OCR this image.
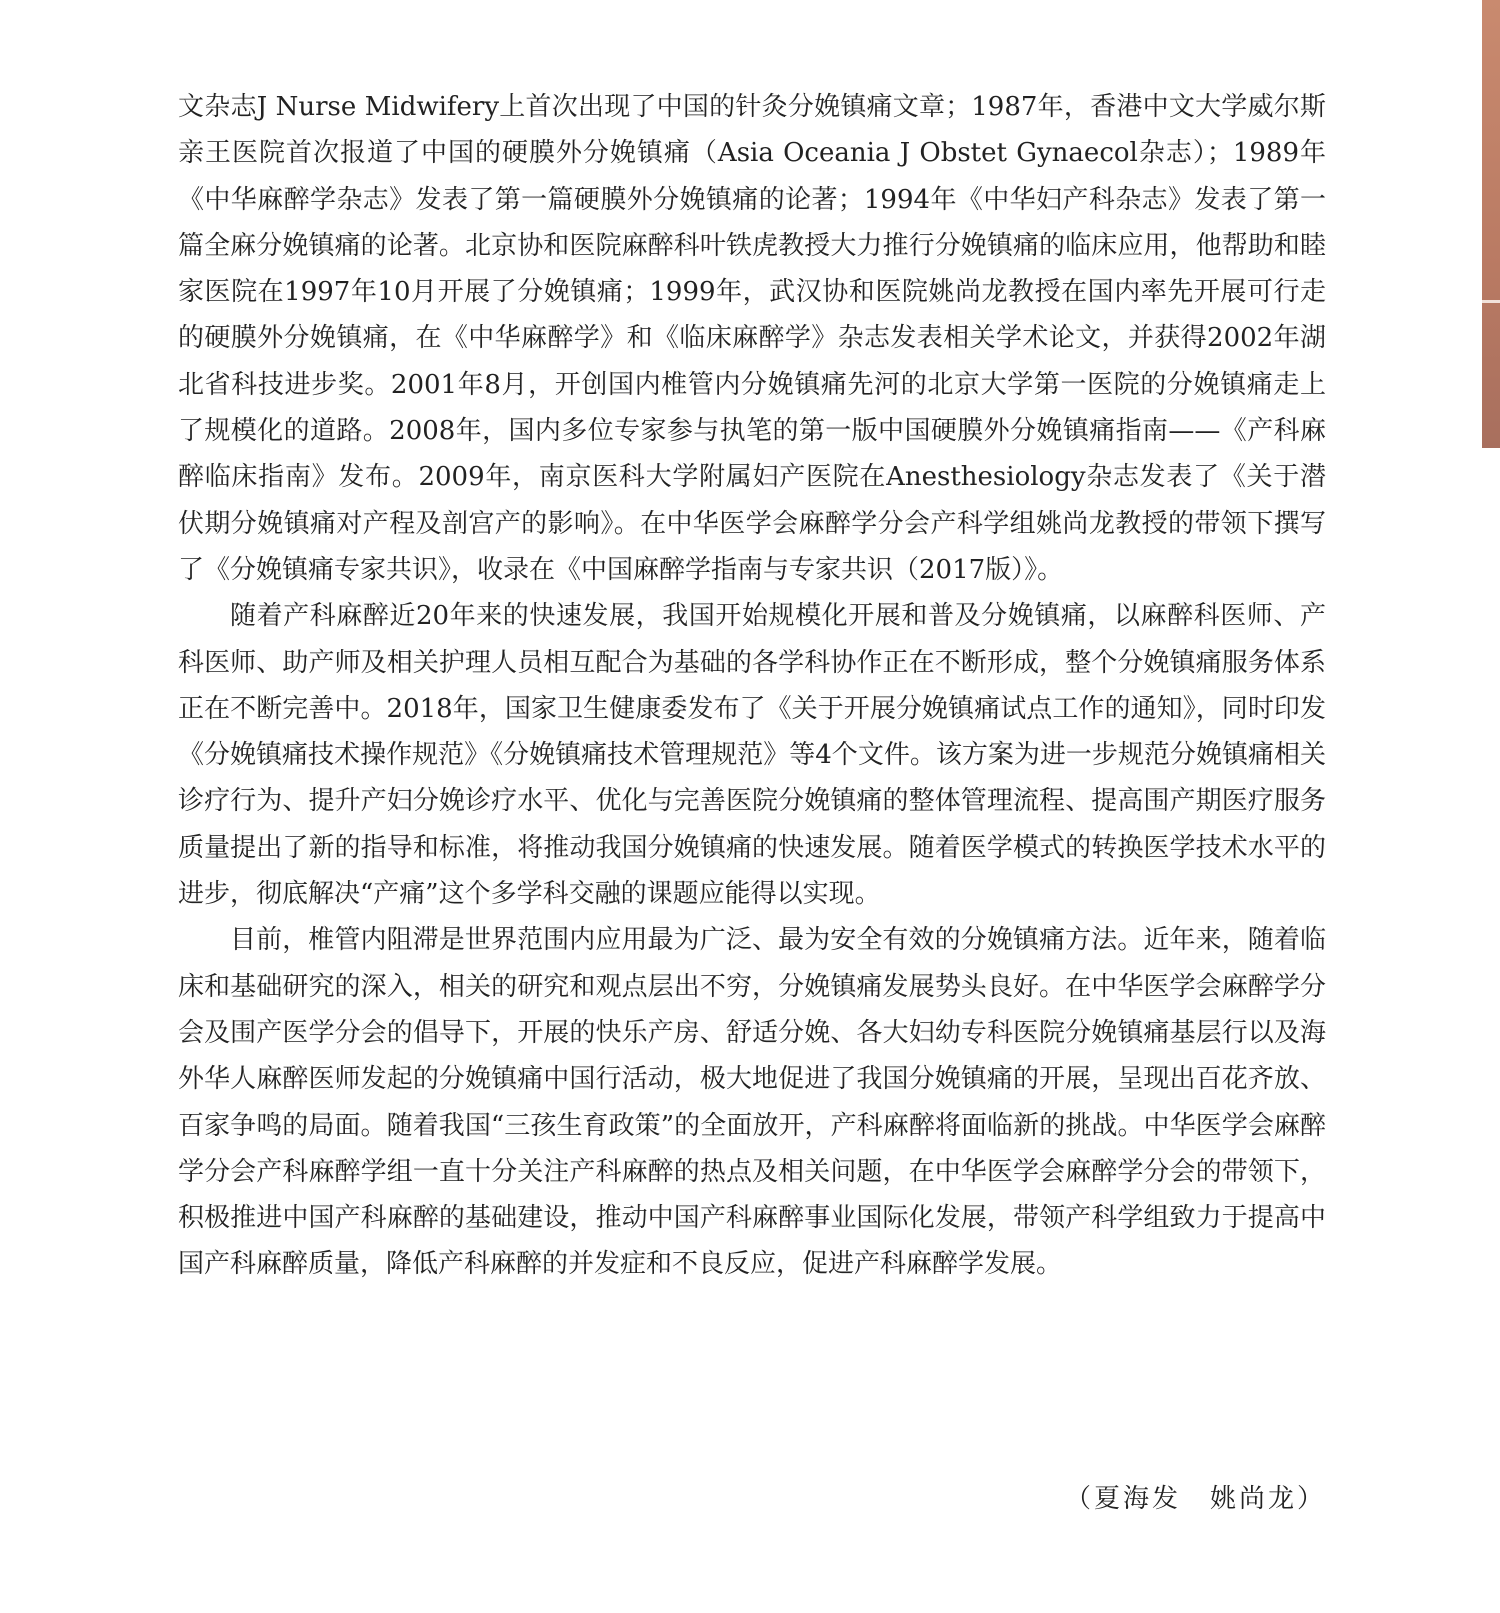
文杂志J Nurse Midwifery上首次出现了中国的针灸分娩镇痛文章；1987年，香港中文大学威尔斯亲王医院首次报道了中国的硬膜外分娩镇痛（Asia Oceania J Obstet Gynaecol杂志）；1989年《中华麻醉学杂志》发表了第一篇硬膜外分娩镇痛的论著；1994年《中华妇产科杂志》发表了第一篇全麻分娩镇痛的论著。北京协和医院麻醉科叶铁虎教授大力推行分娩镇痛的临床应用，他帮助和睦家医院在1997年10月开展了分娩镇痛；1999年，武汉协和医院姚尚龙教授在国内率先开展可行走的硬膜外分娩镇痛，在《中华麻醉学》和《临床麻醉学》杂志发表相关学术论文，并获得2002年湖北省科技进步奖。2001年8月，开创国内椎管内分娩镇痛先河的北京大学第一医院的分娩镇痛走上了规模化的道路。2008年，国内多位专家参与执笔的第一版中国硬膜外分娩镇痛指南——《产科麻醉临床指南》发布。2009年，南京医科大学附属妇产医院在Anesthesiology杂志发表了《关于潜伏期分娩镇痛对产程及剖宫产的影响》。在中华医学会麻醉学分会产科学组姚尚龙教授的带领下撰写了《分娩镇痛专家共识》，收录在《中国麻醉学指南与专家共识（2017版）》。

随着产科麻醉近20年来的快速发展，我国开始规模化开展和普及分娩镇痛，以麻醉科医师、产科医师、助产师及相关护理人员相互配合为基础的各学科协作正在不断形成，整个分娩镇痛服务体系正在不断完善中。2018年，国家卫生健康委发布了《关于开展分娩镇痛试点工作的通知》，同时印发《分娩镇痛技术操作规范》《分娩镇痛技术管理规范》等4个文件。该方案为进一步规范分娩镇痛相关诊疗行为、提升产妇分娩诊疗水平、优化与完善医院分娩镇痛的整体管理流程、提高围产期医疗服务质量提出了新的指导和标准，将推动我国分娩镇痛的快速发展。随着医学模式的转换医学技术水平的进步，彻底解决“产痛”这个多学科交融的课题应能得以实现。

目前，椎管内阻滞是世界范围内应用最为广泛、最为安全有效的分娩镇痛方法。近年来，随着临床和基础研究的深入，相关的研究和观点层出不穷，分娩镇痛发展势头良好。在中华医学会麻醉学分会及围产医学分会的倡导下，开展的快乐产房、舒适分娩、各大妇幼专科医院分娩镇痛基层行以及海外华人麻醉医师发起的分娩镇痛中国行活动，极大地促进了我国分娩镇痛的开展，呈现出百花齐放、百家争鸣的局面。随着我国“三孩生育政策”的全面放开，产科麻醉将面临新的挑战。中华医学会麻醉学分会产科麻醉学组一直十分关注产科麻醉的热点及相关问题，在中华医学会麻醉学分会的带领下，积极推进中国产科麻醉的基础建设，推动中国产科麻醉事业国际化发展，带领产科学组致力于提高中国产科麻醉质量，降低产科麻醉的并发症和不良反应，促进产科麻醉学发展。

（夏海发　姚尚龙）
